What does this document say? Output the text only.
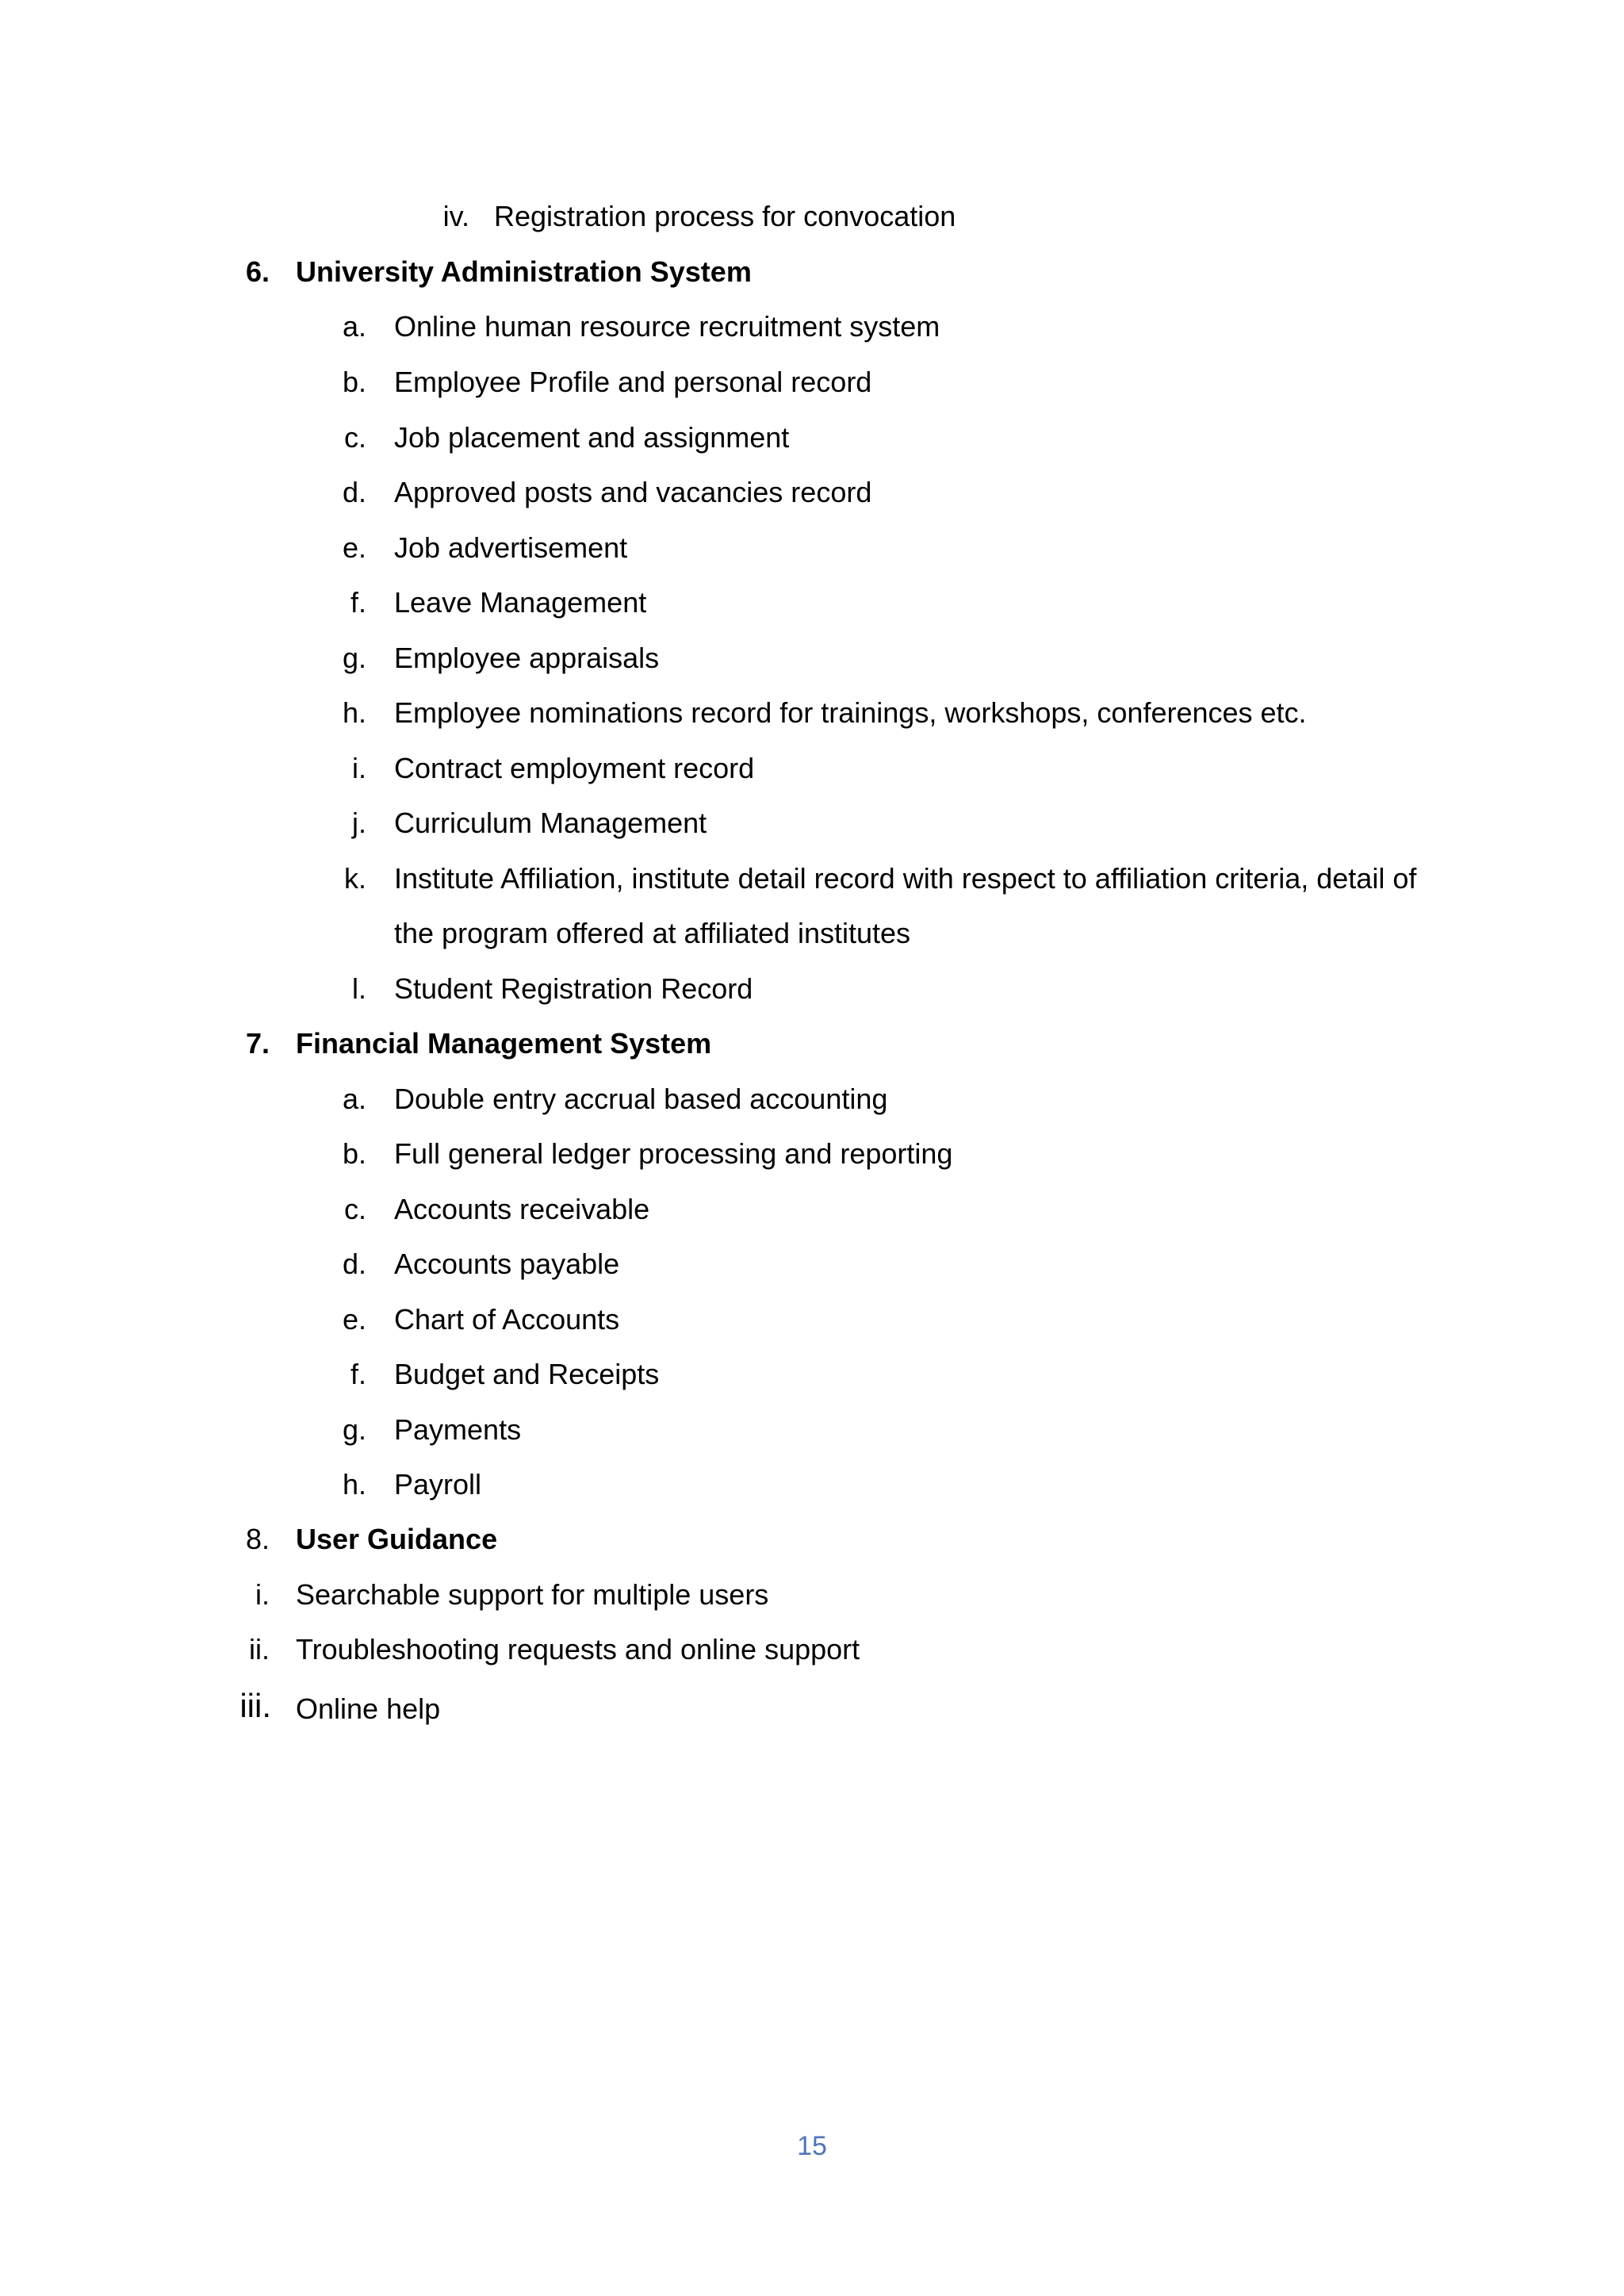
iv. Registration process for convocation
6. University Administration System
a. Online human resource recruitment system
b. Employee Profile and personal record
c. Job placement and assignment
d. Approved posts and vacancies record
e. Job advertisement
f. Leave Management
g. Employee appraisals
h. Employee nominations record for trainings, workshops, conferences etc.
i. Contract employment record
j. Curriculum Management
k. Institute Affiliation, institute detail record with respect to affiliation criteria, detail of
the program offered at affiliated institutes
l. Student Registration Record
7. Financial Management System
a. Double entry accrual based accounting
b. Full general ledger processing and reporting
c. Accounts receivable
d. Accounts payable
e. Chart of Accounts
f. Budget and Receipts
g. Payments
h. Payroll
8. User Guidance
i. Searchable support for multiple users
ii. Troubleshooting requests and online support
iii. Online help
15
